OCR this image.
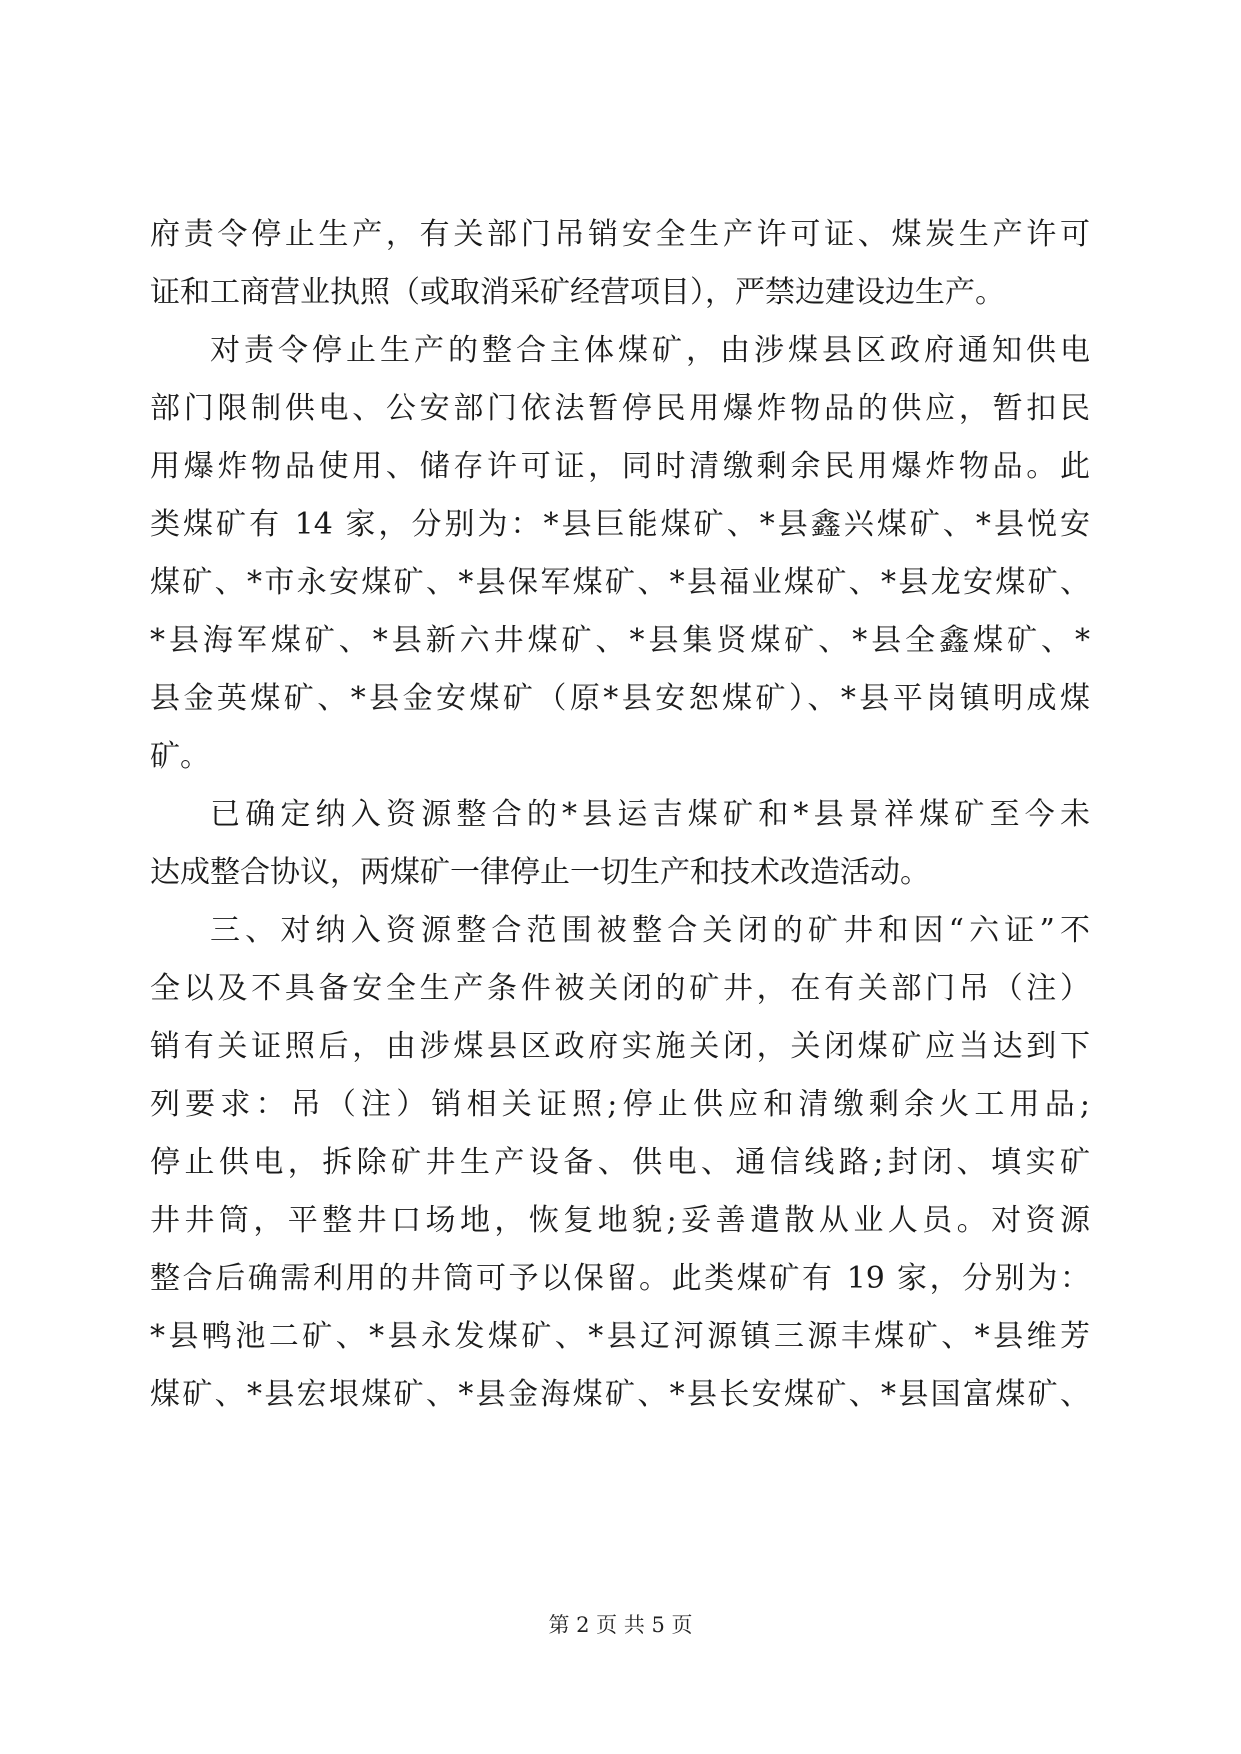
府责令停止生产，有关部门吊销安全生产许可证、煤炭生产许可
证和工商营业执照（或取消采矿经营项目），严禁边建设边生产。
对责令停止生产的整合主体煤矿，由涉煤县区政府通知供电
部门限制供电、公安部门依法暂停民用爆炸物品的供应，暂扣民
用爆炸物品使用、储存许可证，同时清缴剩余民用爆炸物品。此
类煤矿有 14 家，分别为：*县巨能煤矿、*县鑫兴煤矿、*县悦安
煤矿、*市永安煤矿、*县保军煤矿、*县福业煤矿、*县龙安煤矿、
*县海军煤矿、*县新六井煤矿、*县集贤煤矿、*县全鑫煤矿、*
县金英煤矿、*县金安煤矿（原*县安恕煤矿）、*县平岗镇明成煤
矿。
已确定纳入资源整合的*县运吉煤矿和*县景祥煤矿至今未
达成整合协议，两煤矿一律停止一切生产和技术改造活动。
三、对纳入资源整合范围被整合关闭的矿井和因“六证”不
全以及不具备安全生产条件被关闭的矿井，在有关部门吊（注）
销有关证照后，由涉煤县区政府实施关闭，关闭煤矿应当达到下
列要求：吊（注）销相关证照;停止供应和清缴剩余火工用品;
停止供电，拆除矿井生产设备、供电、通信线路;封闭、填实矿
井井筒，平整井口场地，恢复地貌;妥善遣散从业人员。对资源
整合后确需利用的井筒可予以保留。此类煤矿有 19 家，分别为：
*县鸭池二矿、*县永发煤矿、*县辽河源镇三源丰煤矿、*县维芳
煤矿、*县宏垠煤矿、*县金海煤矿、*县长安煤矿、*县国富煤矿、
第 2 页 共 5 页
